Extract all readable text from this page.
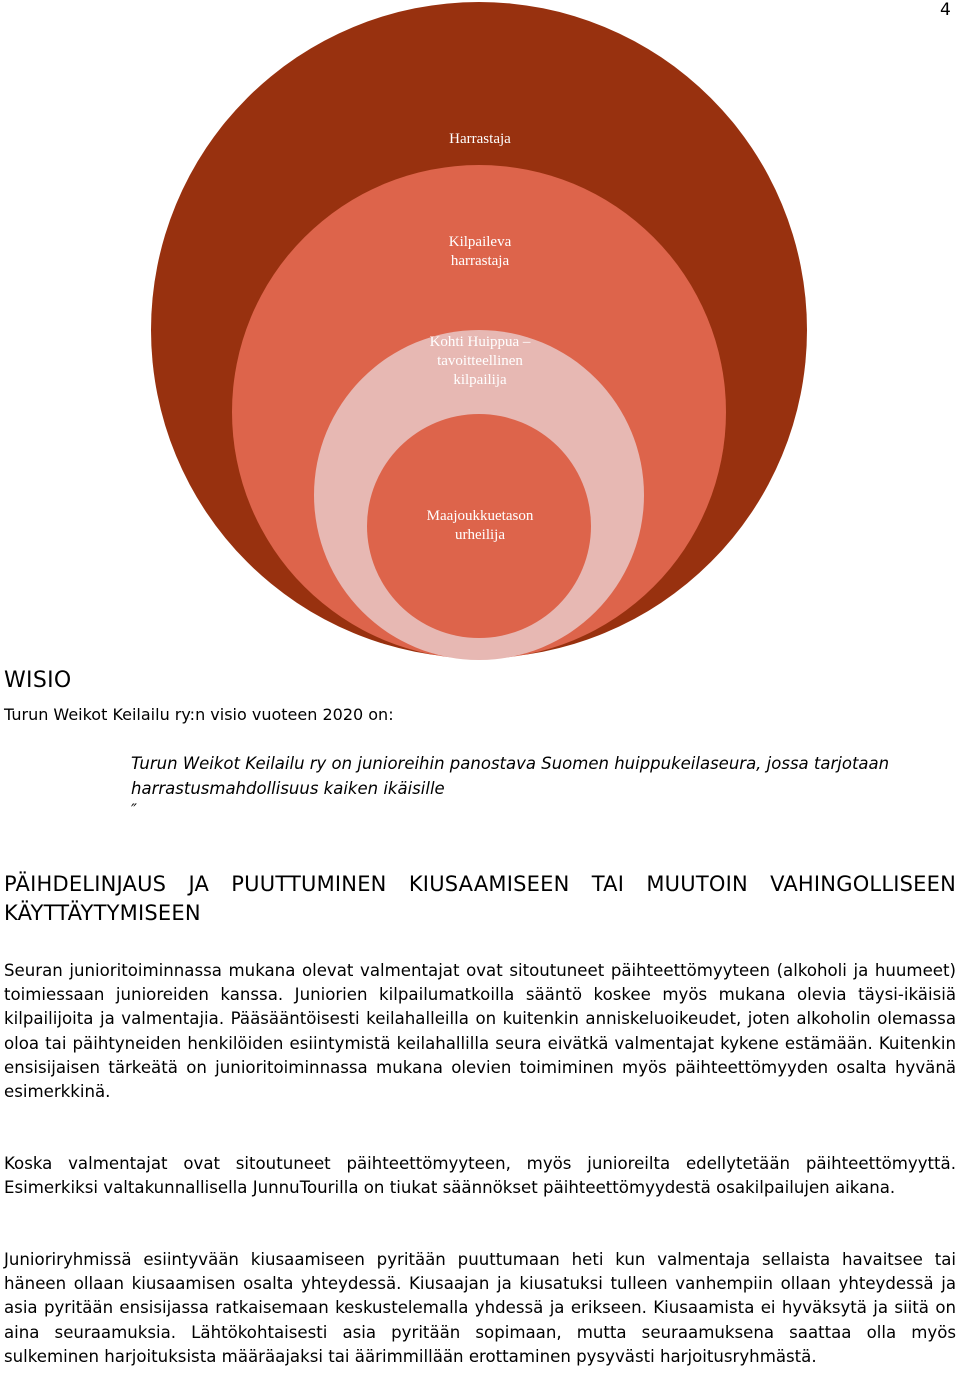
4
Harrastaja
Kilpaileva
harrastaja
Kohti Huippua –
tavoitteellinen
kilpailija
Maajoukkuetason
urheilija
WISIO
Turun Weikot Keilailu ry:n visio vuoteen 2020 on:
Turun Weikot Keilailu ry on junioreihin panostava Suomen huippukeilaseura, jossa tarjotaan harrastusmahdollisuus kaiken ikäisille
″
PÄIHDELINJAUS JA PUUTTUMINEN KIUSAAMISEEN TAI MUUTOIN VAHINGOLLISEEN KÄYTTÄYTYMISEEN
Seuran junioritoiminnassa mukana olevat valmentajat ovat sitoutuneet päihteettömyyteen (alkoholi ja huumeet) toimiessaan junioreiden kanssa. Juniorien kilpailumatkoilla sääntö koskee myös mukana olevia täysi-ikäisiä kilpailijoita ja valmentajia. Pääsääntöisesti keilahalleilla on kuitenkin anniskeluoikeudet, joten alkoholin olemassa oloa tai päihtyneiden henkilöiden esiintymistä keilahallilla seura eivätkä valmentajat kykene estämään. Kuitenkin ensisijaisen tärkeätä on junioritoiminnassa mukana olevien toimiminen myös päihteettömyyden osalta hyvänä esimerkkinä.
Koska valmentajat ovat sitoutuneet päihteettömyyteen, myös junioreilta edellytetään päihteettömyyttä. Esimerkiksi valtakunnallisella JunnuTourilla on tiukat säännökset päihteettömyydestä osakilpailujen aikana.
Junioriryhmissä esiintyvään kiusaamiseen pyritään puuttumaan heti kun valmentaja sellaista havaitsee tai häneen ollaan kiusaamisen osalta yhteydessä. Kiusaajan ja kiusatuksi tulleen vanhempiin ollaan yhteydessä ja asia pyritään ensisijassa ratkaisemaan keskustelemalla yhdessä ja erikseen. Kiusaamista ei hyväksytä ja siitä on aina seuraamuksia. Lähtökohtaisesti asia pyritään sopimaan, mutta seuraamuksena saattaa olla myös sulkeminen harjoituksista määräajaksi tai äärimmillään erottaminen pysyvästi harjoitusryhmästä.
